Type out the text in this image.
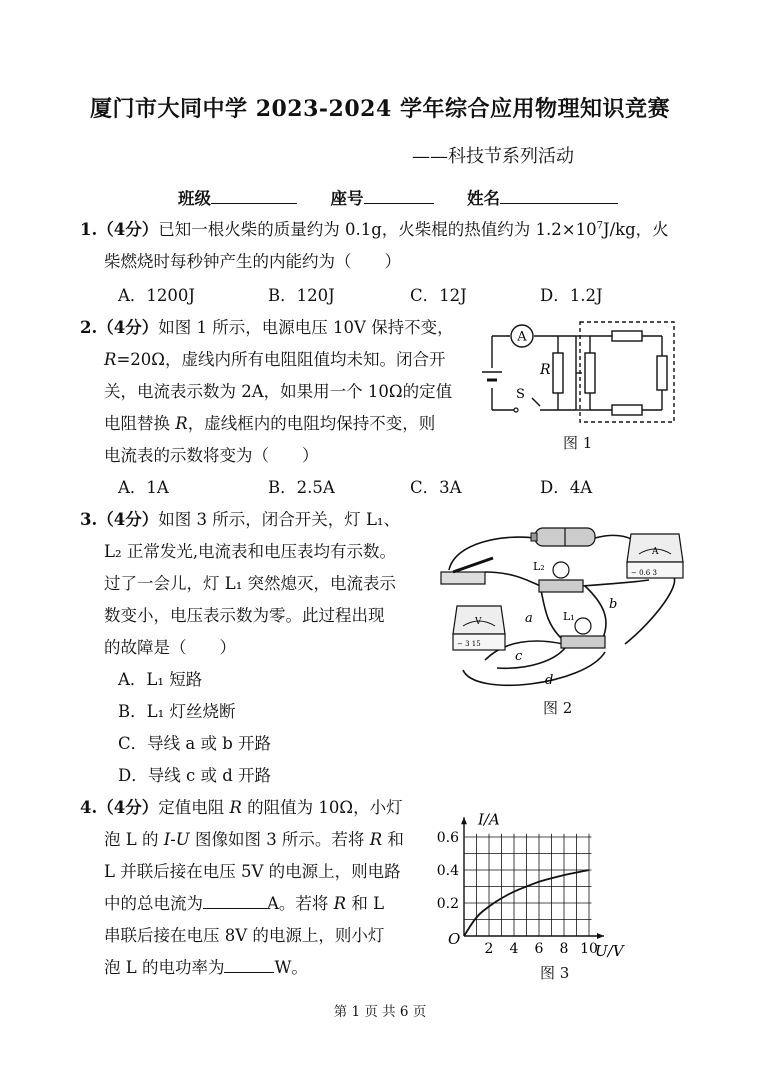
厦门市大同中学 2023-2024 学年综合应用物理知识竞赛
——科技节系列活动
班级	座号	姓名
1.（4分）已知一根火柴的质量约为 0.1g，火柴棍的热值约为 $1.2\times 10^7J/kg$，火
柴燃烧时每秒钟产生的内能约为（　　）
A．1200J	B．120J	C．12J	D．1.2J
2.（4分）如图 1 所示，电源电压 10V 保持不变，
R=20Ω，虚线内所有电阻阻值均未知。闭合开
关，电流表示数为 2A，如果用一个 10Ω的定值
电阻替换 R，虚线框内的电阻均保持不变，则
电流表的示数将变为（　　）
A．1A	B．2.5A	C．3A	D．4A
A
R
S
图 1
3.（4分）如图 3 所示，闭合开关，灯 L₁、
L₂ 正常发光,电流表和电压表均有示数。
过了一会儿，灯 L₁ 突然熄灭，电流表示
数变小，电压表示数为零。此过程出现
的故障是（　　）
A．L₁ 短路
B．L₁ 灯丝烧断
C．导线 a 或 b 开路
D．导线 c 或 d 开路
A
− 0.6 3
V
− 3 15
L₂
L₁
a
b
c
d
图 2
4.（4分）定值电阻 R 的阻值为 10Ω，小灯
泡 L 的 I-U 图像如图 3 所示。若将 R 和
L 并联后接在电压 5V 的电源上，则电路
中的总电流为	A。若将 R 和 L
串联后接在电压 8V 的电源上，则小灯
泡 L 的电功率为	W。
2 4 6 8 10
0.2
0.4
0.6
O
U/V
I/A
图 3
第 1 页 共 6 页
